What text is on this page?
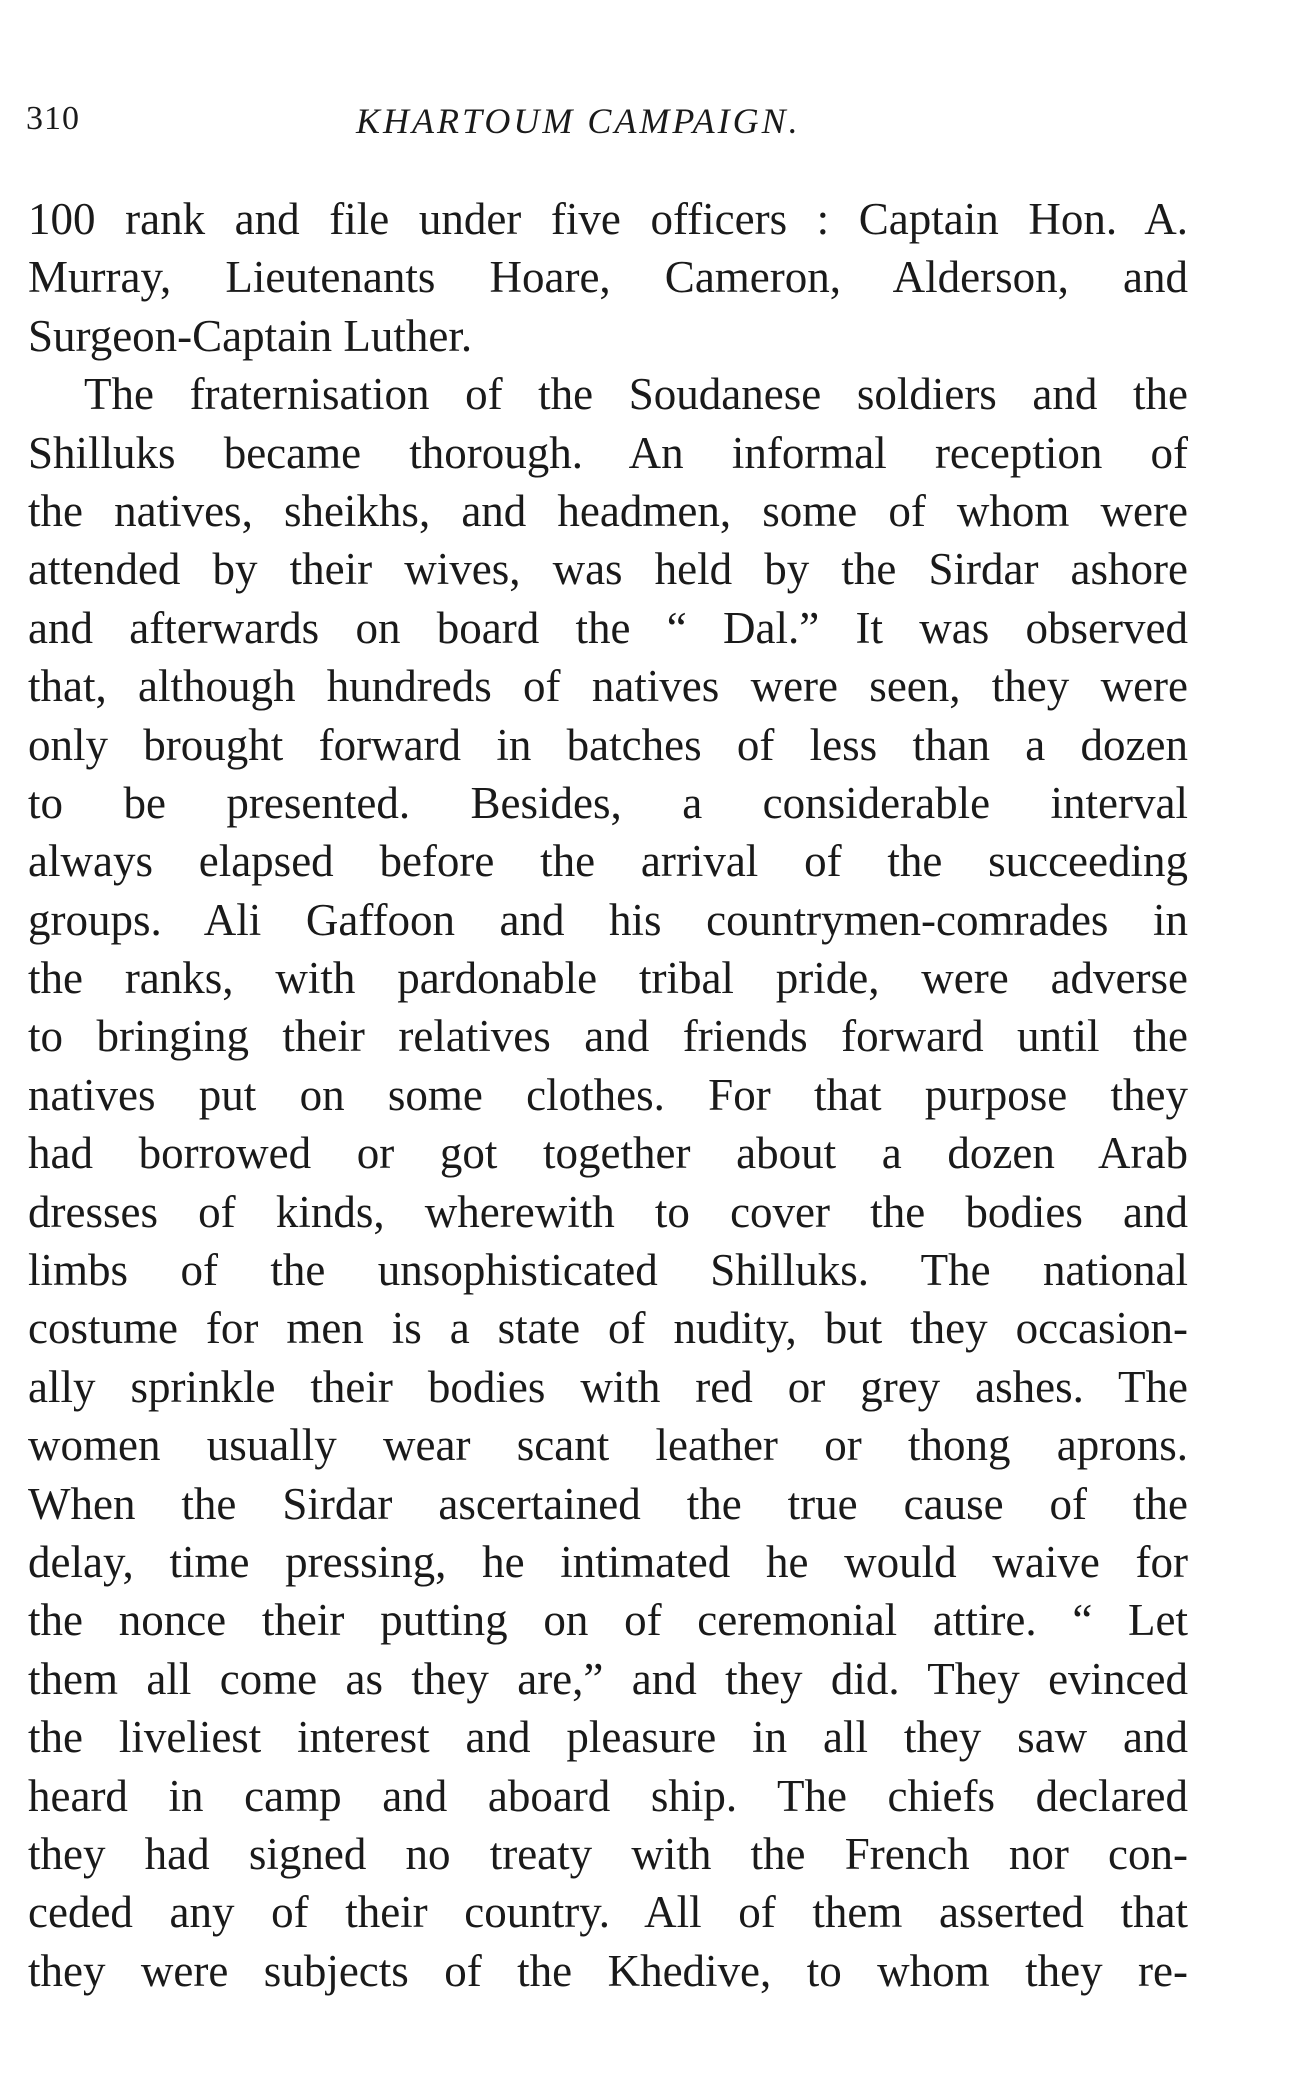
310	KHARTOUM CAMPAIGN.
100 rank and file under five officers : Captain Hon. A.
Murray, Lieutenants Hoare, Cameron, Alderson, and
Surgeon-Captain Luther.
The fraternisation of the Soudanese soldiers and the
Shilluks became thorough. An informal reception of
the natives, sheikhs, and headmen, some of whom were
attended by their wives, was held by the Sirdar ashore
and afterwards on board the “ Dal.” It was observed
that, although hundreds of natives were seen, they were
only brought forward in batches of less than a dozen
to be presented. Besides, a considerable interval
always elapsed before the arrival of the succeeding
groups. Ali Gaffoon and his countrymen-comrades in
the ranks, with pardonable tribal pride, were adverse
to bringing their relatives and friends forward until the
natives put on some clothes. For that purpose they
had borrowed or got together about a dozen Arab
dresses of kinds, wherewith to cover the bodies and
limbs of the unsophisticated Shilluks. The national
costume for men is a state of nudity, but they occasion-
ally sprinkle their bodies with red or grey ashes. The
women usually wear scant leather or thong aprons.
When the Sirdar ascertained the true cause of the
delay, time pressing, he intimated he would waive for
the nonce their putting on of ceremonial attire. “ Let
them all come as they are,” and they did. They evinced
the liveliest interest and pleasure in all they saw and
heard in camp and aboard ship. The chiefs declared
they had signed no treaty with the French nor con-
ceded any of their country. All of them asserted that
they were subjects of the Khedive, to whom they re-
